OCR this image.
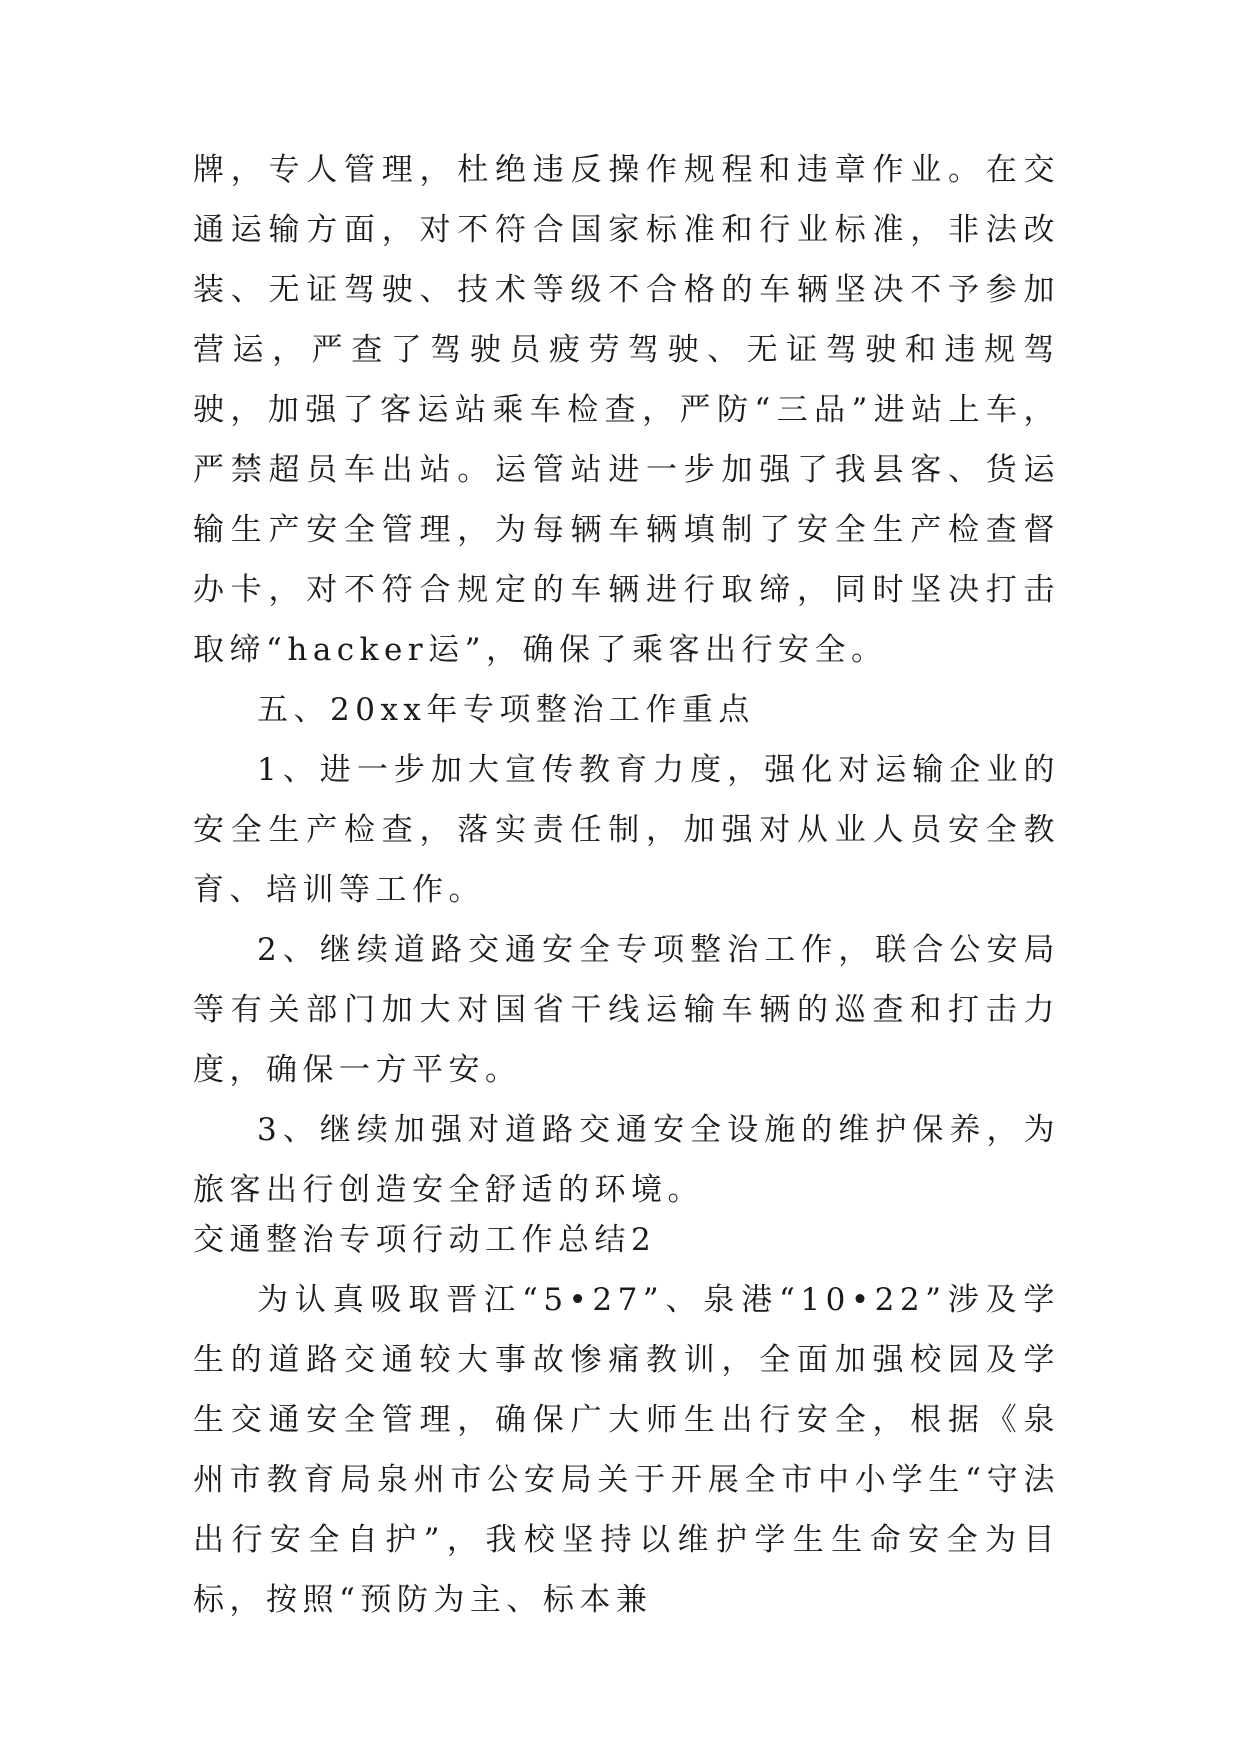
牌，专人管理，杜绝违反操作规程和违章作业。在交通运输方面，对不符合国家标准和行业标准，非法改装、无证驾驶、技术等级不合格的车辆坚决不予参加营运，严查了驾驶员疲劳驾驶、无证驾驶和违规驾驶，加强了客运站乘车检查，严防“三品”进站上车，严禁超员车出站。运管站进一步加强了我县客、货运输生产安全管理，为每辆车辆填制了安全生产检查督办卡，对不符合规定的车辆进行取缔，同时坚决打击取缔“hacker运”，确保了乘客出行安全。

五、20xx年专项整治工作重点

1、进一步加大宣传教育力度，强化对运输企业的安全生产检查，落实责任制，加强对从业人员安全教育、培训等工作。

2、继续道路交通安全专项整治工作，联合公安局等有关部门加大对国省干线运输车辆的巡查和打击力度，确保一方平安。

3、继续加强对道路交通安全设施的维护保养，为旅客出行创造安全舒适的环境。

交通整治专项行动工作总结2

为认真吸取晋江“5•27”、泉港“10•22”涉及学生的道路交通较大事故惨痛教训，全面加强校园及学生交通安全管理，确保广大师生出行安全，根据《泉州市教育局泉州市公安局关于开展全市中小学生“守法出行安全自护”，我校坚持以维护学生生命安全为目标，按照“预防为主、标本兼
